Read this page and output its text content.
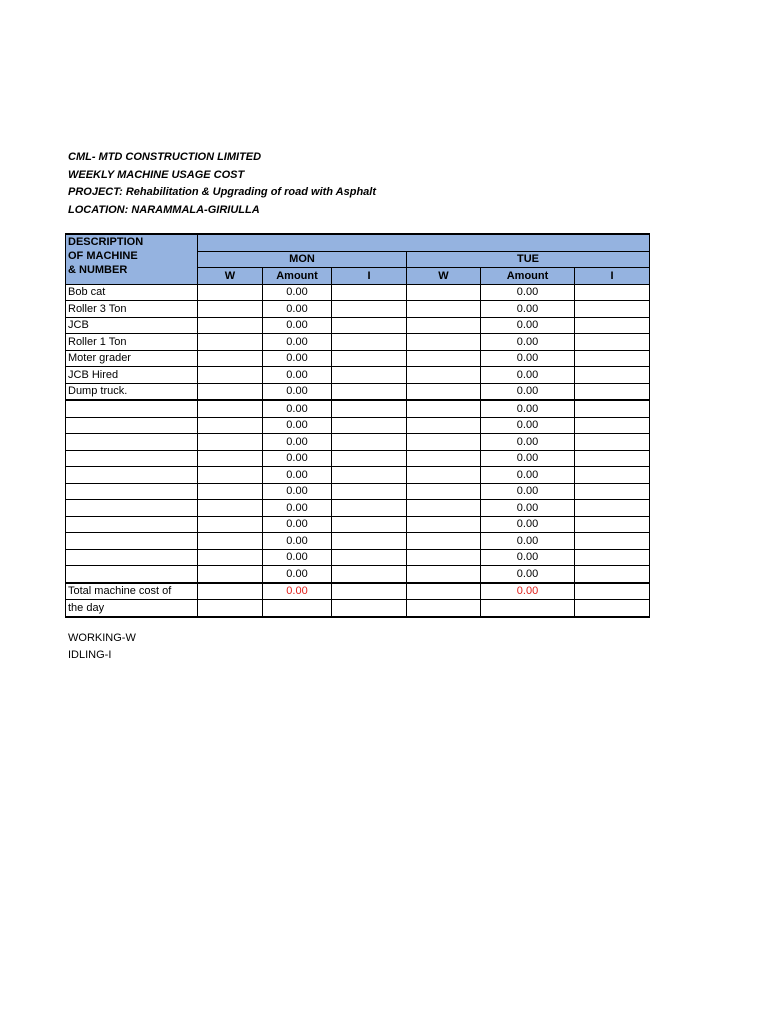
CML- MTD CONSTRUCTION LIMITED
WEEKLY MACHINE USAGE COST
PROJECT: Rehabilitation & Upgrading of road with Asphalt
LOCATION: NARAMMALA-GIRIULLA
DESCRIPTION
OF MACHINE
& NUMBER						

	MON			TUE		
	W	Amount	I	W	Amount	I
Bob cat		0.00			0.00	
Roller 3 Ton		0.00			0.00	
JCB		0.00			0.00	
Roller 1 Ton		0.00			0.00	
Moter grader		0.00			0.00	
JCB Hired		0.00			0.00	
Dump truck.		0.00			0.00	
		0.00			0.00	
		0.00			0.00	
		0.00			0.00	
		0.00			0.00	
		0.00			0.00	
		0.00			0.00	
		0.00			0.00	
		0.00			0.00	
		0.00			0.00	
		0.00			0.00	
		0.00			0.00	
Total machine cost of		0.00			0.00	
the day						
WORKING-W
IDLING-I
